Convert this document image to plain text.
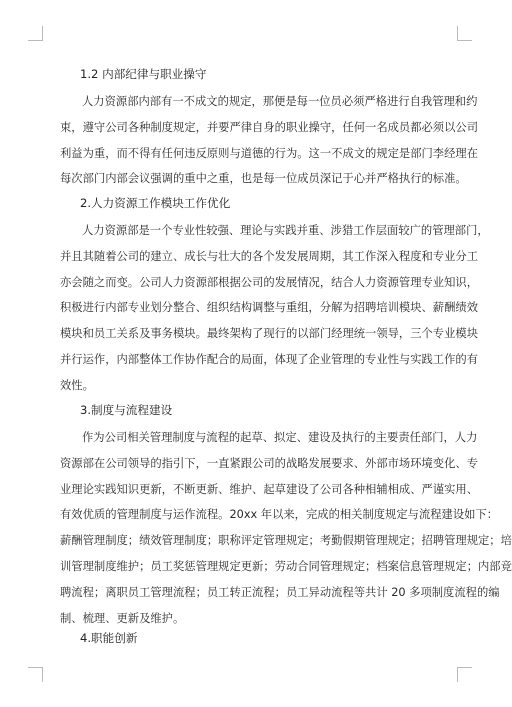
1.2 内部纪律与职业操守
人力资源部内部有一不成文的规定，那便是每一位员必须严格进行自我管理和约
束，遵守公司各种制度规定，并要严律自身的职业操守，任何一名成员都必须以公司
利益为重，而不得有任何违反原则与道德的行为。这一不成文的规定是部门李经理在
每次部门内部会议强调的重中之重，也是每一位成员深记于心并严格执行的标准。
2.人力资源工作模块工作优化
人力资源部是一个专业性较强、理论与实践并重、涉猎工作层面较广的管理部门，
并且其随着公司的建立、成长与壮大的各个发发展周期，其工作深入程度和专业分工
亦会随之而变。公司人力资源部根据公司的发展情况，结合人力资源管理专业知识，
积极进行内部专业划分整合、组织结构调整与重组，分解为招聘培训模块、薪酬绩效
模块和员工关系及事务模块。最终架构了现行的以部门经理统一领导，三个专业模块
并行运作，内部整体工作协作配合的局面，体现了企业管理的专业性与实践工作的有
效性。
3.制度与流程建设
作为公司相关管理制度与流程的起草、拟定、建设及执行的主要责任部门，人力
资源部在公司领导的指引下，一直紧跟公司的战略发展要求、外部市场环境变化、专
业理论实践知识更新，不断更新、维护、起草建设了公司各种相辅相成、严谨实用、
有效优质的管理制度与运作流程。20xx 年以来，完成的相关制度规定与流程建设如下：
薪酬管理制度；绩效管理制度；职称评定管理规定；考勤假期管理规定；招聘管理规定；培
训管理制度维护；员工奖惩管理规定更新；劳动合同管理规定；档案信息管理规定；内部竞
聘流程；离职员工管理流程；员工转正流程；员工异动流程等共计 20 多项制度流程的编
制、梳理、更新及维护。
4.职能创新
